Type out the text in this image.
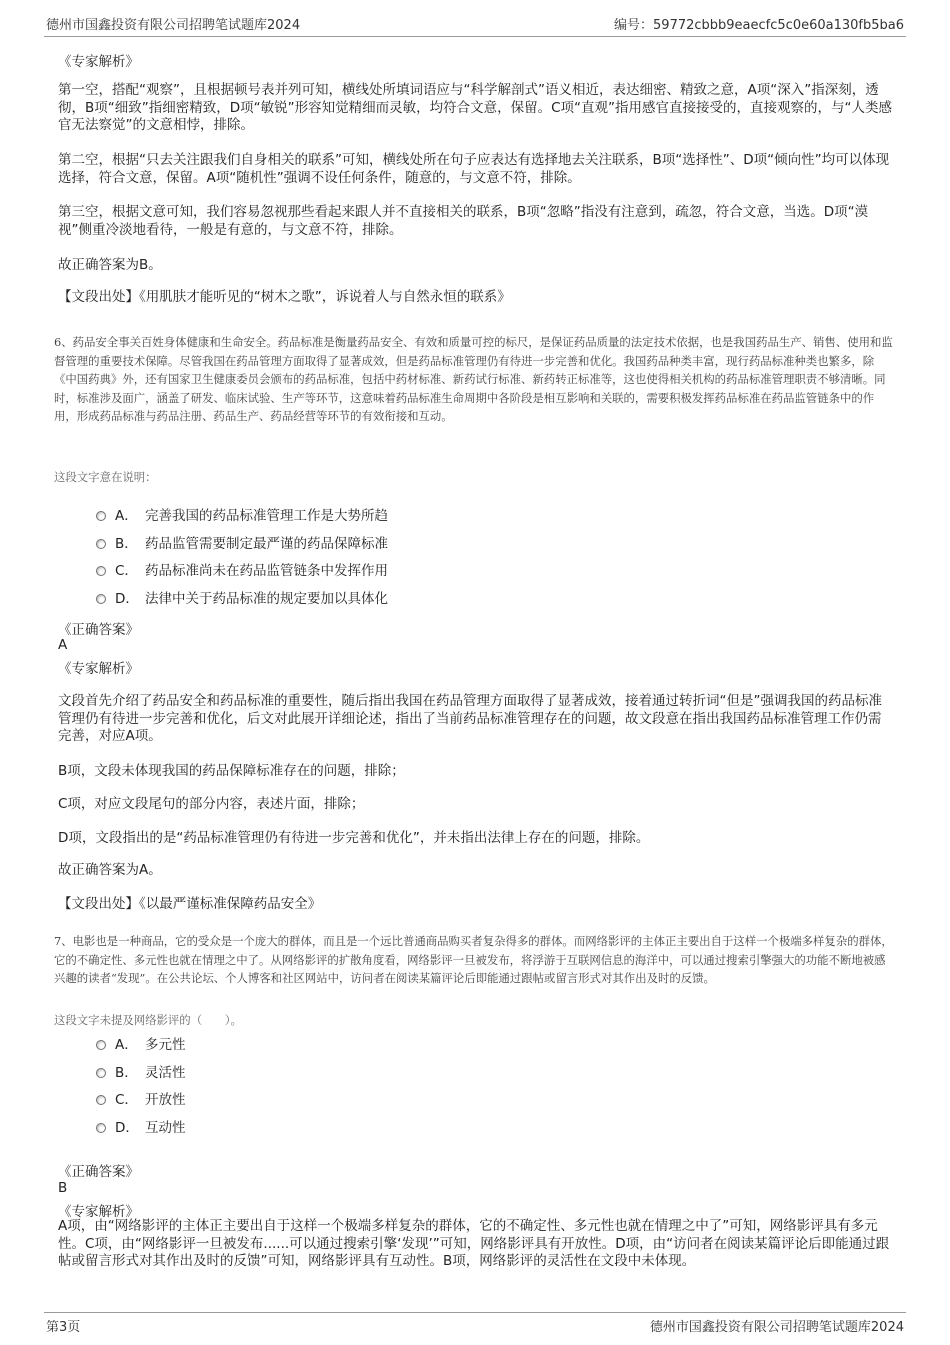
德州市国鑫投资有限公司招聘笔试题库2024	编号：59772cbbb9eaecfc5c0e60a130fb5ba6

《专家解析》

第一空，搭配“观察”，且根据顿号表并列可知，横线处所填词语应与“科学解剖式”语义相近，表达细密、精致之意，A项“深入”指深刻，透彻，B项“细致”指细密精致，D项“敏锐”形容知觉精细而灵敏，均符合文意，保留。C项“直观”指用感官直接接受的，直接观察的，与“人类感官无法察觉”的文意相悖，排除。

第二空，根据“只去关注跟我们自身相关的联系”可知，横线处所在句子应表达有选择地去关注联系，B项“选择性”、D项“倾向性”均可以体现选择，符合文意，保留。A项“随机性”强调不设任何条件，随意的，与文意不符，排除。

第三空，根据文意可知，我们容易忽视那些看起来跟人并不直接相关的联系，B项“忽略”指没有注意到，疏忽，符合文意，当选。D项“漠视”侧重冷淡地看待，一般是有意的，与文意不符，排除。

故正确答案为B。

【文段出处】《用肌肤才能听见的“树木之歌”，诉说着人与自然永恒的联系》

6、药品安全事关百姓身体健康和生命安全。药品标准是衡量药品安全、有效和质量可控的标尺，是保证药品质量的法定技术依据，也是我国药品生产、销售、使用和监督管理的重要技术保障。尽管我国在药品管理方面取得了显著成效，但是药品标准管理仍有待进一步完善和优化。我国药品种类丰富，现行药品标准种类也繁多，除《中国药典》外，还有国家卫生健康委员会颁布的药品标准，包括中药材标准、新药试行标准、新药转正标准等，这也使得相关机构的药品标准管理职责不够清晰。同时，标准涉及面广，涵盖了研发、临床试验、生产等环节，这意味着药品标准生命周期中各阶段是相互影响和关联的，需要积极发挥药品标准在药品监管链条中的作用，形成药品标准与药品注册、药品生产、药品经营等环节的有效衔接和互动。

这段文字意在说明：

A． 完善我国的药品标准管理工作是大势所趋
B． 药品监管需要制定最严谨的药品保障标准
C． 药品标准尚未在药品监管链条中发挥作用
D． 法律中关于药品标准的规定要加以具体化

《正确答案》

A

《专家解析》

文段首先介绍了药品安全和药品标准的重要性，随后指出我国在药品管理方面取得了显著成效，接着通过转折词“但是”强调我国的药品标准管理仍有待进一步完善和优化，后文对此展开详细论述，指出了当前药品标准管理存在的问题，故文段意在指出我国药品标准管理工作仍需完善，对应A项。

B项，文段未体现我国的药品保障标准存在的问题，排除；

C项，对应文段尾句的部分内容，表述片面，排除；

D项，文段指出的是“药品标准管理仍有待进一步完善和优化”，并未指出法律上存在的问题，排除。

故正确答案为A。

【文段出处】《以最严谨标准保障药品安全》

7、电影也是一种商品，它的受众是一个庞大的群体，而且是一个远比普通商品购买者复杂得多的群体。而网络影评的主体正主要出自于这样一个极端多样复杂的群体，它的不确定性、多元性也就在情理之中了。从网络影评的扩散角度看，网络影评一旦被发布，将浮游于互联网信息的海洋中，可以通过搜索引擎强大的功能不断地被感兴趣的读者“发现”。在公共论坛、个人博客和社区网站中，访问者在阅读某篇评论后即能通过跟帖或留言形式对其作出及时的反馈。

这段文字未提及网络影评的（　　）。

A． 多元性
B． 灵活性
C． 开放性
D． 互动性

《正确答案》

B

《专家解析》

A项，由“网络影评的主体正主要出自于这样一个极端多样复杂的群体，它的不确定性、多元性也就在情理之中了”可知，网络影评具有多元性。C项，由“网络影评一旦被发布......可以通过搜索引擎‘发现’”可知，网络影评具有开放性。D项，由“访问者在阅读某篇评论后即能通过跟帖或留言形式对其作出及时的反馈”可知，网络影评具有互动性。B项，网络影评的灵活性在文段中未体现。

第3页	德州市国鑫投资有限公司招聘笔试题库2024
